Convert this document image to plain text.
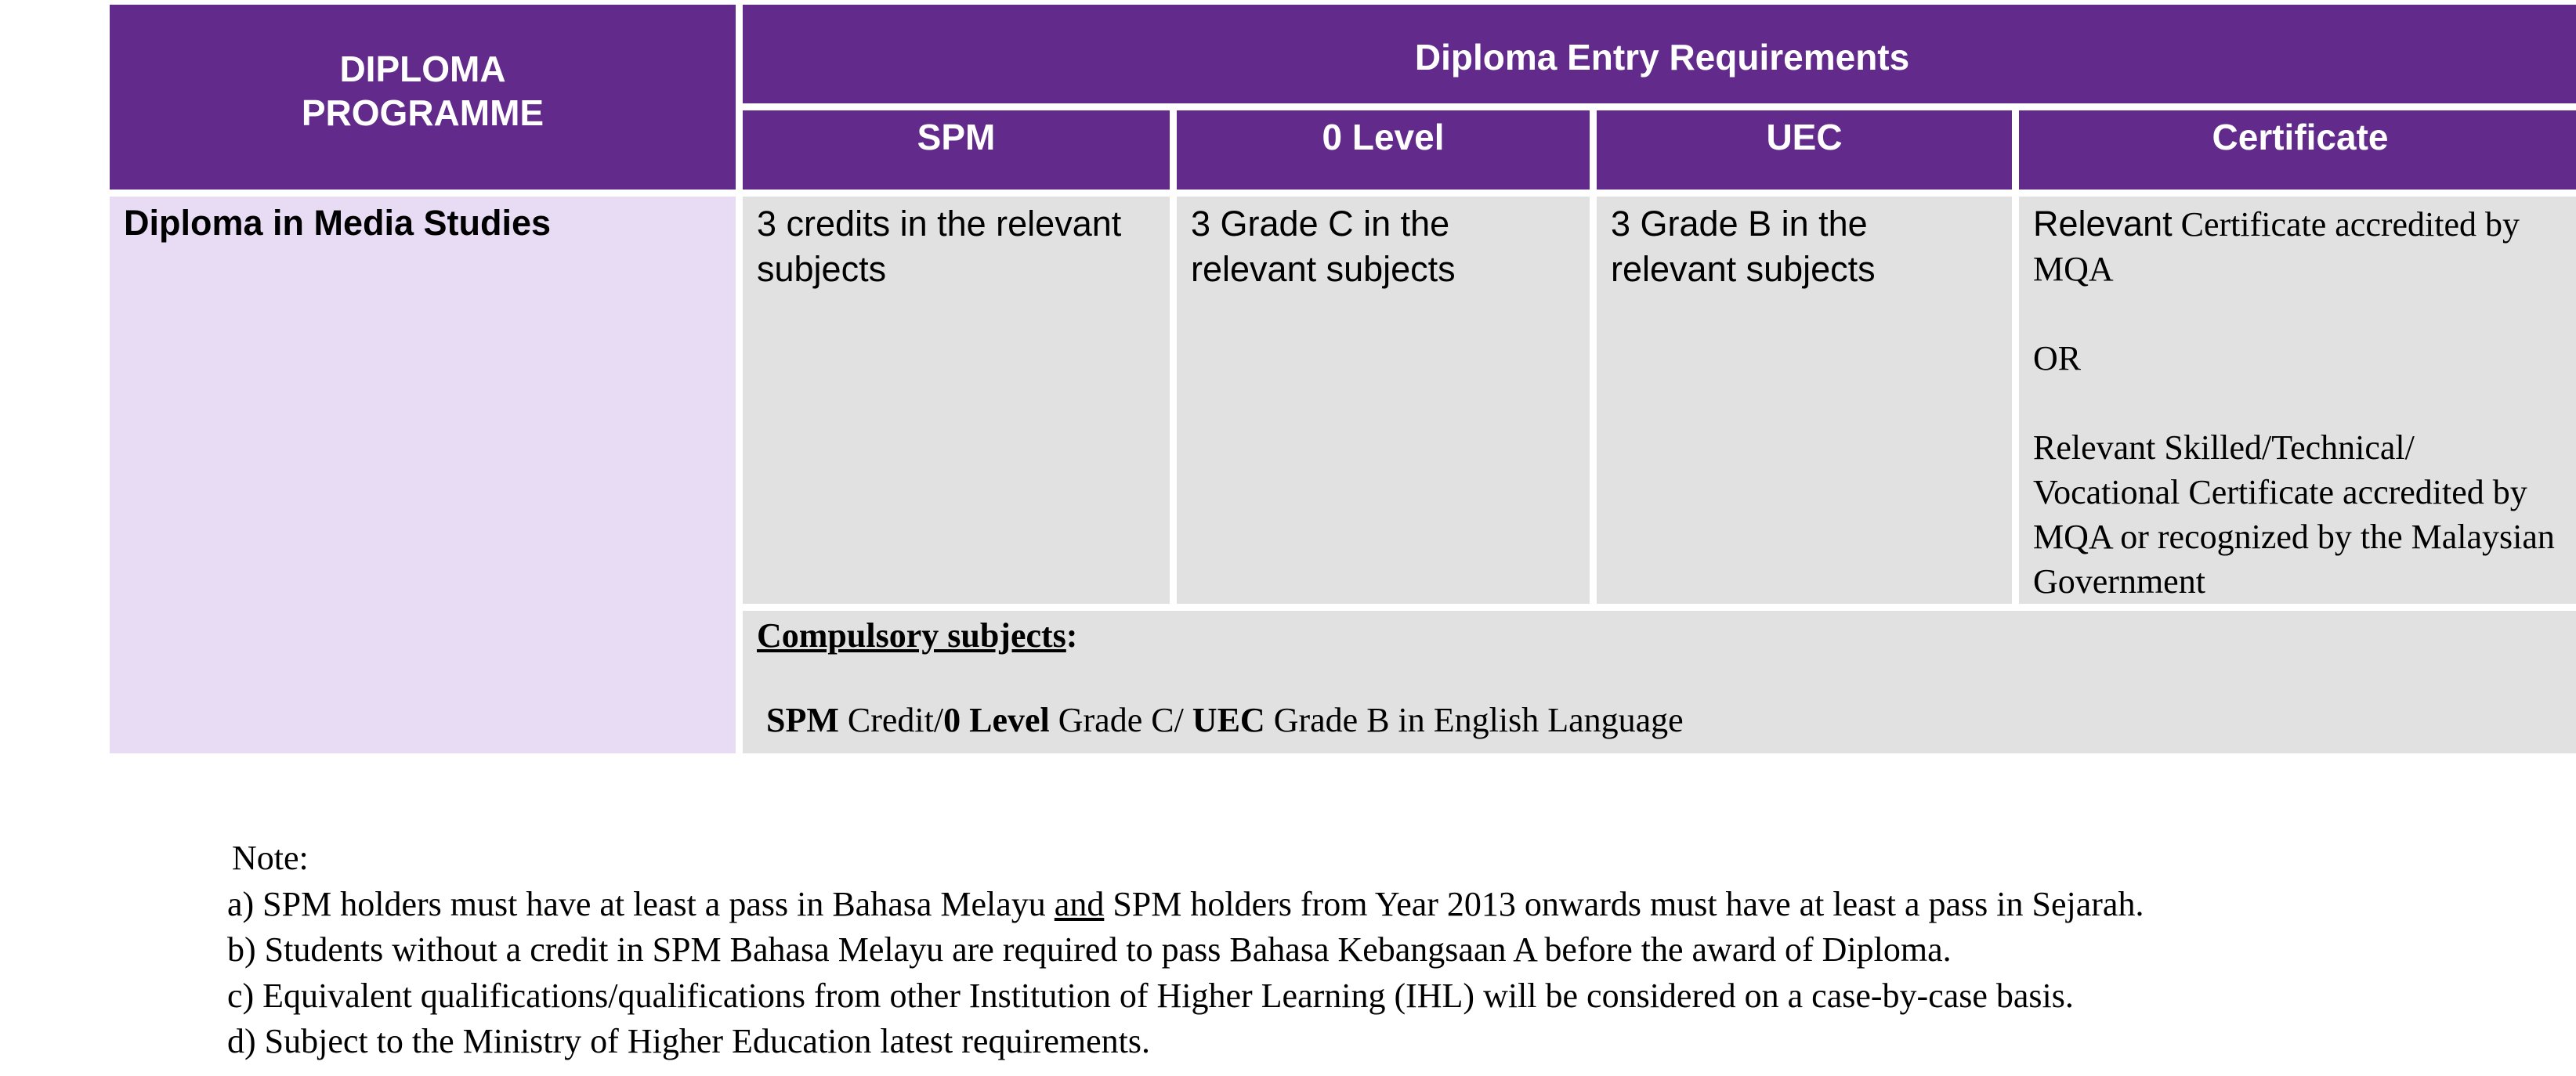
DIPLOMA
PROGRAMME	Diploma Entry Requirements			
	SPM	0 Level	UEC	Certificate
Diploma in Media Studies	3 credits in the relevant subjects	3 Grade C in the relevant subjects	3 Grade B in the relevant subjects	Relevant Certificate accredited by MQA
OR
Relevant Skilled/Technical/ Vocational Certificate accredited by MQA or recognized by the Malaysian Government

	Compulsory subjects:
SPM Credit/0 Level Grade C/ UEC Grade B in English Language			
Note:
a) SPM holders must have at least a pass in Bahasa Melayu and SPM holders from Year 2013 onwards must have at least a pass in Sejarah.
b) Students without a credit in SPM Bahasa Melayu are required to pass Bahasa Kebangsaan A before the award of Diploma.
c) Equivalent qualifications/qualifications from other Institution of Higher Learning (IHL) will be considered on a case-by-case basis.
d) Subject to the Ministry of Higher Education latest requirements.
